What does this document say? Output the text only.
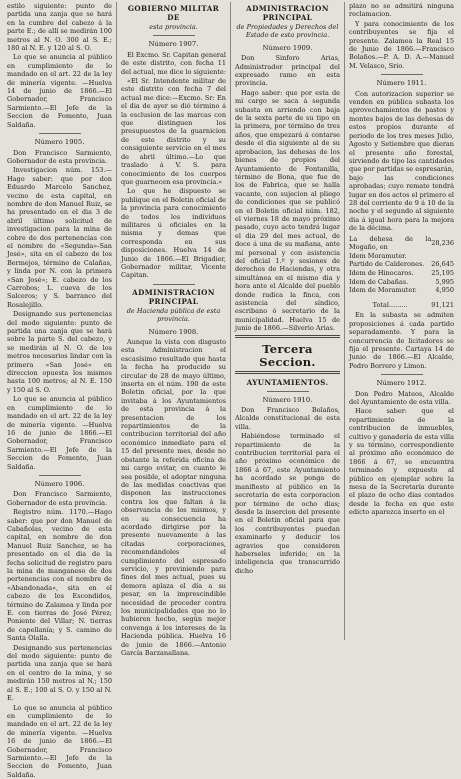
estilo siguiente: punto de partida una zanja que se hará en la cumbre del cabezo á la parte E.; de allí se medirán 100 metros al N. O. 300 al S. E.; 180 al N. E. y 120 al S. O.

Lo que se anuncia al público en cumplimiento de lo mandado en el art. 22 de la ley de minería vigente. —Huelva 14 de junio de 1866.—El Gobernador, Francisco Sarmiento.—El Jefe de la Seccion de Fomento, Juan Saldaña.

Número 1905.

Don Francisco Sarmiento, Gobernador de esta provincia.

Investigacion núm. 153.—Hago saber: que por don Eduardo Marcelo Sanchez, vecino de esta capital, en nombre de don Manuel Ruiz, se ha presentado en el dia 3 de abril último solicitud de investigacion para la mina de cobre de dos pertenencias con el nombre de «Segunda»-San José», sita en el cabezo de los Bermejos, término de Calañas, y linda por N. con la primera «San José»; E. cabezo de los Carrobos; L. cueva de los Salceros; y S. barranco del Rosalejillo.

Designando sus pertenencias del modo siguiente: punto de partida una zanja que se hará sobre la parte S. del cabezo, y se medirán al N. O. de los metros necesarios lindar con la primera «San José» en direccion opuesta los mismos hasta 100 metros; al N. E. 150 y 150 al S. O.

Lo que se anuncia al público en cumplimiento de lo mandado en el art. 22 de la ley de minería vigente. —Huelva 16 de junio de 1866.—El Gobernador, Francisco Sarmiento.—El Jefe de la Seccion de Fomento, Juan Saldaña.

Número 1906.

Don Francisco Sarmiento, Gobernador de esta provincia.

Registro núm. 1170.—Hago saber: que por don Manuel de Cabañolas, vecino de esta capital, en nombre de don Manuel Ruiz Sanchez, se ha presentado en el dia de la fecha solicitud de registro para la mina de manganeso de dos pertenencias con el nombre de «Abandonada», sita en el cabezo de los Escondidos, término de Zalamea y linda por E. con tierras de José Pérez; Poniente del Villar; N. tierras de capellanía; y S. camino de Santa Olalla.

Designando sus pertenencias del modo siguiente: punto de partida una zanja que se hará en el centro de la mina, y se medirán 150 metros al N.; 150 al S. E.; 100 al S. O. y 150 al N. E.

Lo que se anuncia al público en cumplimiento de lo mandado en el art. 22 de la ley de minería vigente. —Huelva 16 de junio de 1866.—El Gobernador, Francisco Sarmiento.—El Jefe de la Seccion de Fomento, Juan Saldaña.

GOBIERNO MILITAR DE

esta provincia.

Número 1907.

El Excmo. Sr. Capitan general de este distrito, con fecha 11 del actual, me dice lo siguiente:

«El Sr. Intendente militar de este distrito con fecha 7 del actual me dice:—Excmo. Sr: En el dia de ayer se dió término á la esclusion de las marcas con que distinguen los presupuestos de la guarnicion de este distrito y su consiguiente servicio en el mes de abril último.—Lo que traslado á V. S. para conocimiento de los cuerpos que guarnecen esa provincia.»

Lo que he dispuesto se publique en el Boletin oficial de la provincia para conocimiento de todos los individuos militares ú oficiales en la misma y demas que corresponda en sus disposiciones. Huelva 14 de Junio de 1866.—El Brigadier, Gobernador militar, Vicente Capitan.

ADMINISTRACION PRINCIPAL

de Hacienda pública de esta provincia.

Número 1908.

Aunque la vista con disgusto esta Administracion el escasísimo resultado que hasta la fecha ha producido su circular de 28 de mayo último, inserta en el núm. 190 de este Boletin oficial, por la que invitaba á los Ayuntamientos de esta provincia á la presentacion de los repartimientos de la contribucion territorial del año económico inmediato para el 15 del presente mes, desde no obstante la referida oficina de mi cargo evitar, en cuanto le sea posible, el adoptar ninguna de las medidas coactivas que disponen las instrucciones contra los que faltan á la observancia de los mismos, y en su consecuencia ha acordado dirigirse por la presente nuevamente á las citadas corporaciones, recomendándoles el cumplimiento del espresado servicio, y previniendo para fines del mes actual, pues su demora aplaza el día a su pesar, en la imprescindible necesidad de proceder contra los municipalidades que no lo hubieren hecho, según mejor convenga á los intereses de la Hacienda pública. Huelva 16 de junio de 1866.—Antonio García Barzanallana.

ADMINISTRACION PRINCIPAL

de Propiedades y Derechos del Estado de esta provincia.

Número 1909.

Don Sinforo Arias, Administrador principal del expresado ramo en esta provincia.

Hago saber: que por esta de mi cargo se saca á segunda subasta en arriendo con baja de la sexta parte de su tipo en la primera, por término de tres años, que empezará á contarse desde el dia siguiente al de su aprobacion, las dehesas de los bienes de propios del Ayuntamiento de Fontanilla, término de Bona, que fue de los de Fabrica, que se halla vacante, con sujecion al pliego de condiciones que se publicó en el Boletin oficial núm. 182, el viernes 18 de mayo próximo pasado, cuyo acto tendrá lugar el dia 29 del mes actual, de doce á una de su mañana, ante mí personal y con asistencia del oficial 1.º y sesiones de derechos de Haciendas, y otra simultánea en el mismo dia y hora ante el Alcalde del pueblo donde radica la finca, con asistencia del síndico, escribano ó secretario de la municipalidad. Huelva 15 de junio de 1866.—Silverio Arias.

Tercera Seccion.

AYUNTAMIENTOS.

Número 1910.

Don Francisco Bolaños, Alcalde constitucional de esta villa.

Habiéndose terminado el repartimiento de la contribucion territorial para el año próximo económico de 1866 á 67, este Ayuntamiento ha acordado se ponga de manifiesto al público en la secretaría de esta corporacion por término de ocho dias; desde la insercion del presente en el Boletin oficial para que los contribuyentes puedan examinarlo y deducir los agravios que consideren haberseles inferido; en la inteligencia que transcurrido dicho

plazo no se admitirá ninguna reclamacion.

Y para conocimiento de los contribuyentes se fija el presente. Zalamea la Real 15 de Junio de 1866.—Francisco Bolaños.—P. A. D. A.—Manuel M. Velasco, Srio.

Número 1911.

Con autorizacion superior se venden en pública subasta los aprovechamientos de pastos y montes bajos de las dehesas de estos propios durante el periodo de los tres meses Julio, Agosto y Setiembre que dieran el presente año forestal, sirviendo de tipo las cantidades que por partidas se espresarán, bajo las condiciones aprobadas; cuyo remate tendrá lugar en dos actos el primero el 28 del corriente de 9 á 10 de la noche y el segundo al siguiente dia á igual hora para la mejora de la décima.

La dehesa de la Mogaño, en	28,236
Idem Moramuter.	
Partido de Calderones.	26,645
Idem de Hinocaros.	25,195
Idem de Cabañas.	5,995
Idem de Moramuter.	4,950
Total.........	91,121

En la subasta se admiten proposiciones á cada partido separadamente. Y para la concurrencia de licitadores se fija el presente. Cartaya 14 de Junio de 1866.—El Alcalde, Pedro Borrero y Limon.

Número 1912.

Don Pedro Mateos, Alcalde del Ayuntamiento de esta villa.

Hace saber: que el repartimiento de la contribucion de inmuebles, cultivo y ganadería de esta villa y su término, correspondiente al próximo año económico de 1866 á 67, se encuentra terminado y expuesto al público en ejemplar sobre la mesa de la Secretaría durante el plazo de ocho dias contados desde la fecha en que este edicto aparezca inserto en el
